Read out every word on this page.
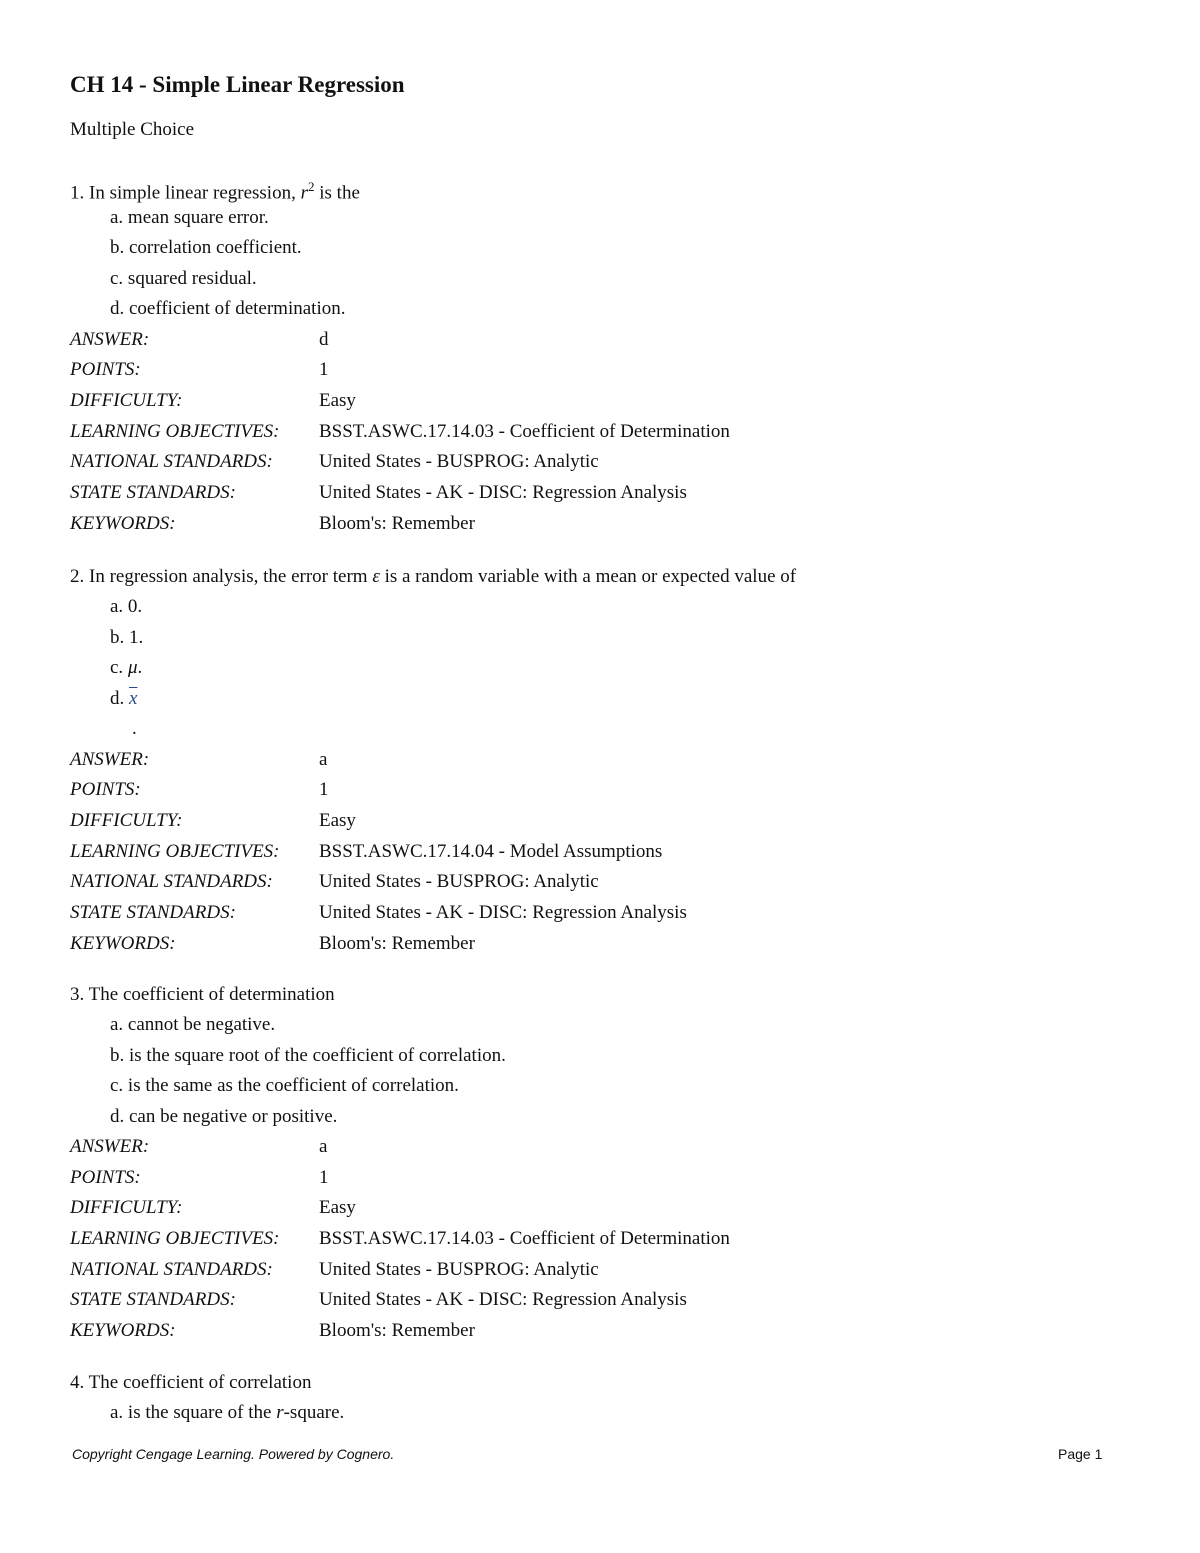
CH 14 - Simple Linear Regression
Multiple Choice
1. In simple linear regression, $r^2$ is the
a. mean square error.
b. correlation coefficient.
c. squared residual.
d. coefficient of determination.
ANSWER:	d
POINTS:	1
DIFFICULTY:	Easy
LEARNING OBJECTIVES:	BSST.ASWC.17.14.03 - Coefficient of Determination
NATIONAL STANDARDS:	United States - BUSPROG: Analytic
STATE STANDARDS:	United States - AK - DISC: Regression Analysis
KEYWORDS:	Bloom's: Remember
2. In regression analysis, the error term ε is a random variable with a mean or expected value of
a. 0.
b. 1.
c. μ.
d. $\overline{x}$
.
ANSWER:	a
POINTS:	1
DIFFICULTY:	Easy
LEARNING OBJECTIVES:	BSST.ASWC.17.14.04 - Model Assumptions
NATIONAL STANDARDS:	United States - BUSPROG: Analytic
STATE STANDARDS:	United States - AK - DISC: Regression Analysis
KEYWORDS:	Bloom's: Remember
3. The coefficient of determination
a. cannot be negative.
b. is the square root of the coefficient of correlation.
c. is the same as the coefficient of correlation.
d. can be negative or positive.
ANSWER:	a
POINTS:	1
DIFFICULTY:	Easy
LEARNING OBJECTIVES:	BSST.ASWC.17.14.03 - Coefficient of Determination
NATIONAL STANDARDS:	United States - BUSPROG: Analytic
STATE STANDARDS:	United States - AK - DISC: Regression Analysis
KEYWORDS:	Bloom's: Remember
4. The coefficient of correlation
a. is the square of the r-square.
Copyright Cengage Learning. Powered by Cognero.	Page 1
